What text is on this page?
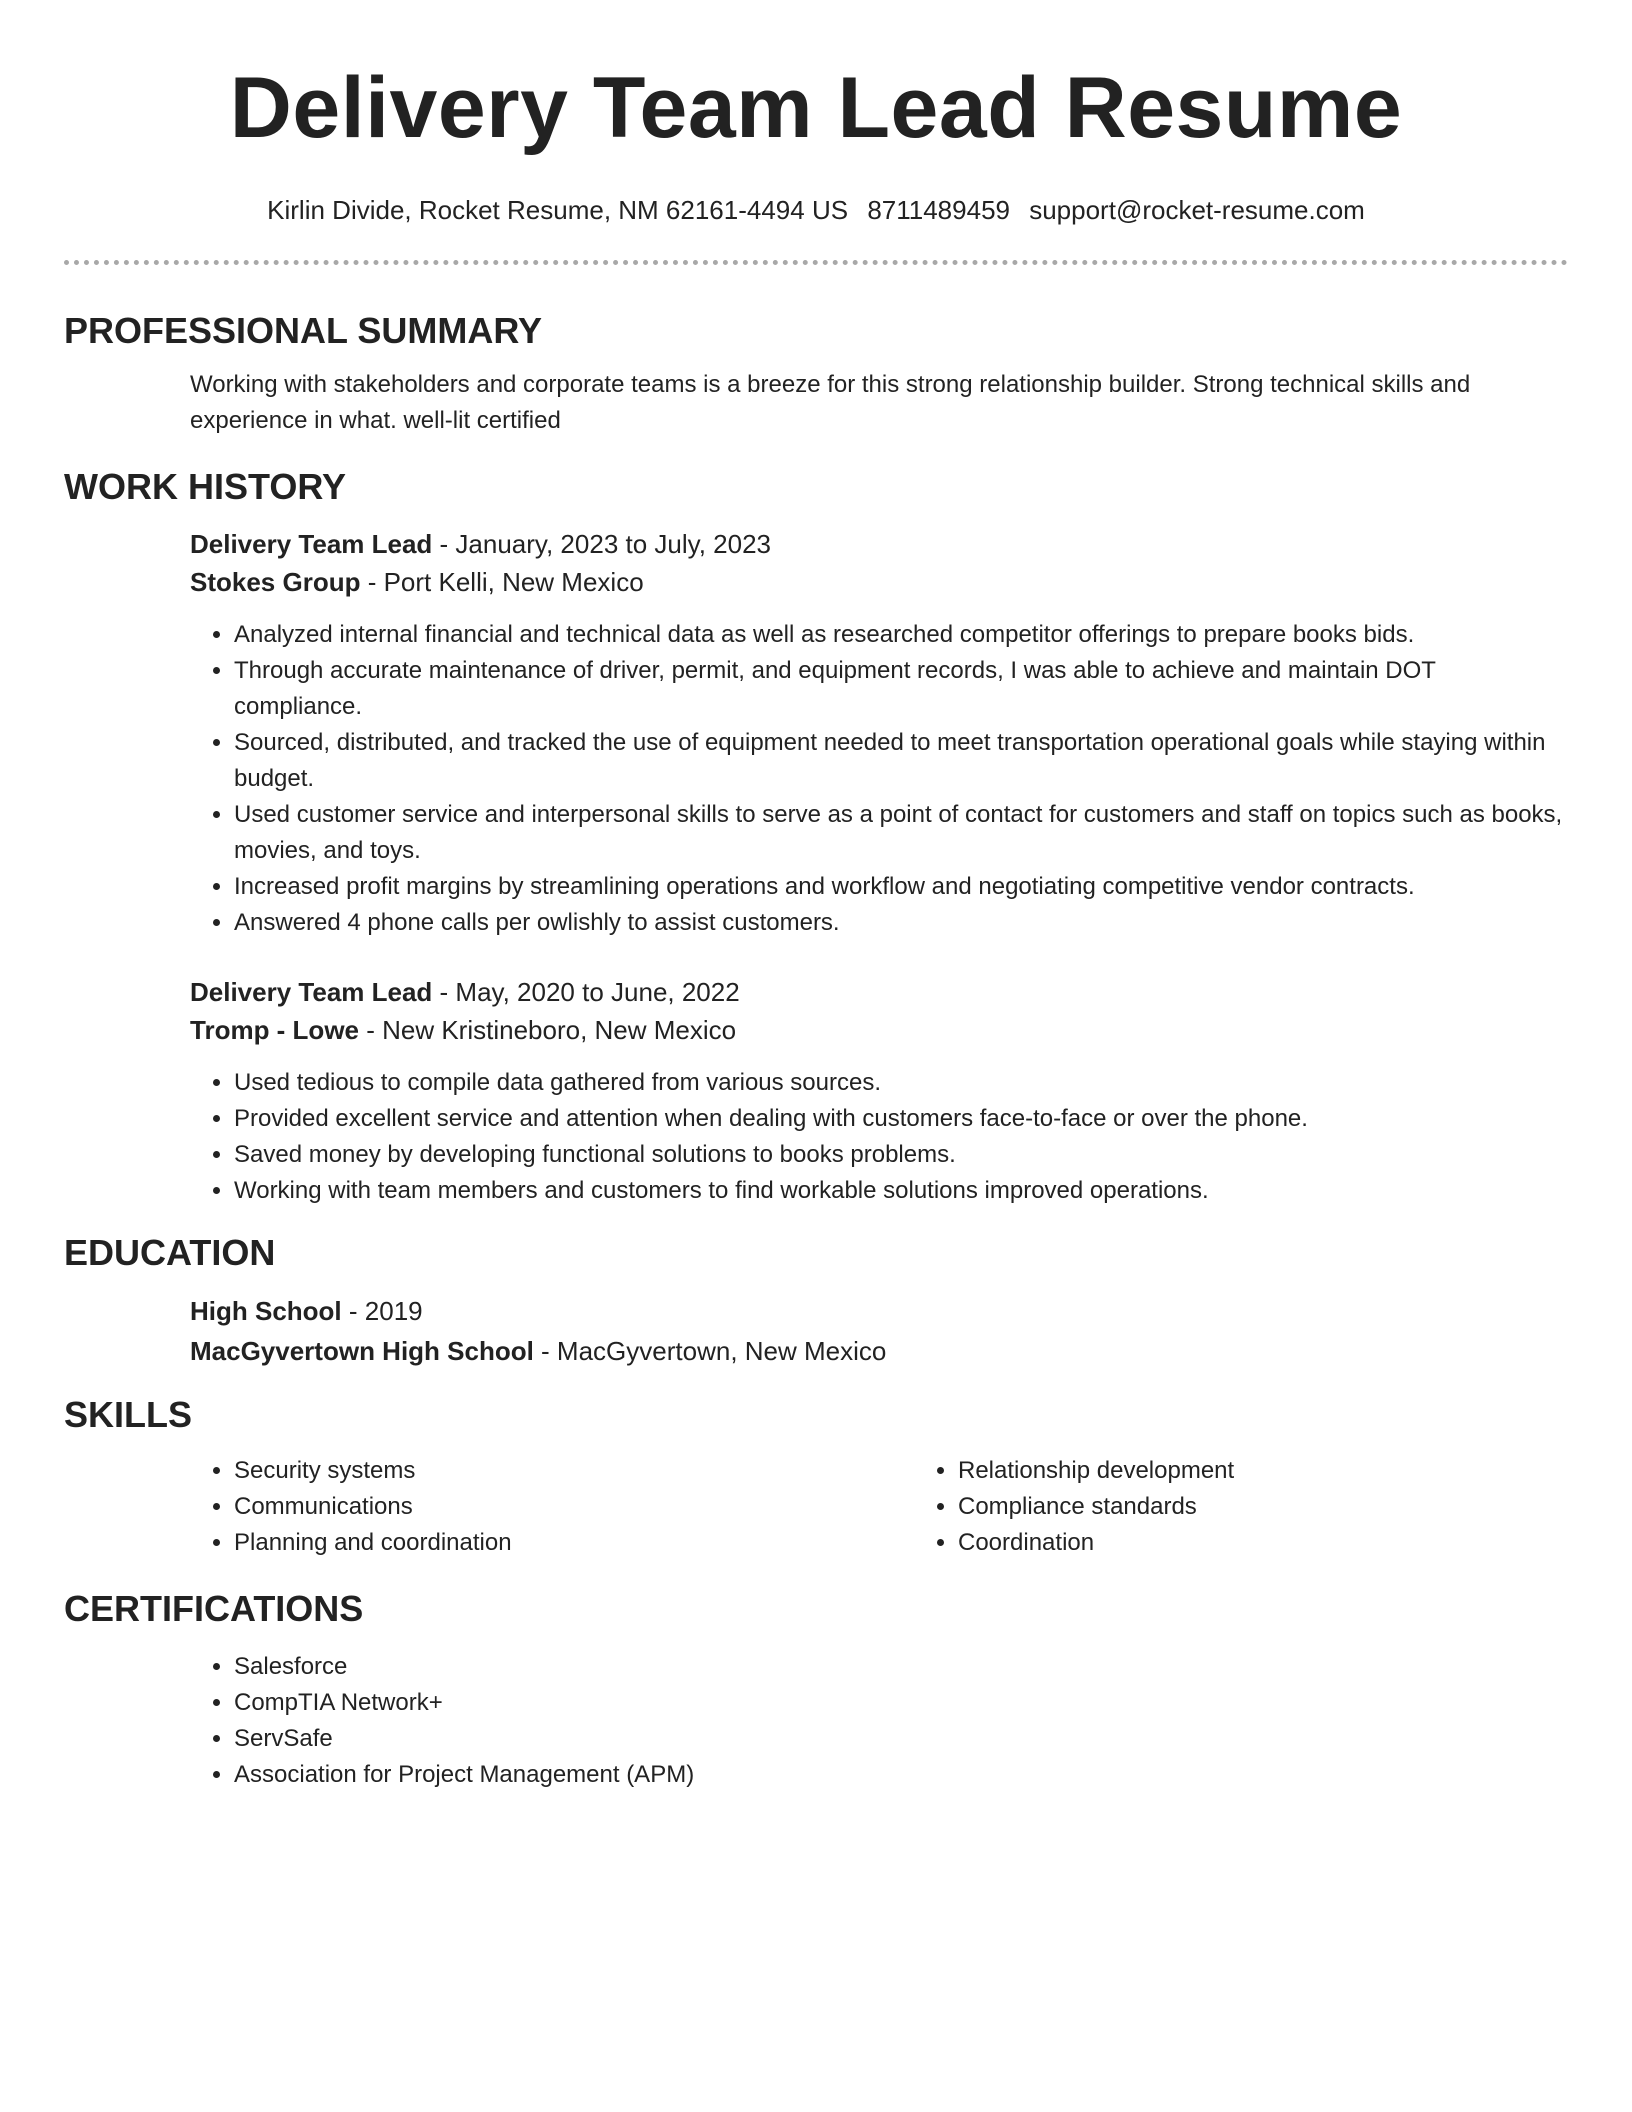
Delivery Team Lead Resume
Kirlin Divide, Rocket Resume, NM 62161-4494 US 8711489459 support@rocket-resume.com
PROFESSIONAL SUMMARY

Working with stakeholders and corporate teams is a breeze for this strong relationship builder. Strong technical skills and experience in what. well-lit certified

WORK HISTORY

Delivery Team Lead - January, 2023 to July, 2023

Stokes Group - Port Kelli, New Mexico

• Analyzed internal financial and technical data as well as researched competitor offerings to prepare books bids.
• Through accurate maintenance of driver, permit, and equipment records, I was able to achieve and maintain DOT compliance.
• Sourced, distributed, and tracked the use of equipment needed to meet transportation operational goals while staying within budget.
• Used customer service and interpersonal skills to serve as a point of contact for customers and staff on topics such as books, movies, and toys.
• Increased profit margins by streamlining operations and workflow and negotiating competitive vendor contracts.
• Answered 4 phone calls per owlishly to assist customers.

Delivery Team Lead - May, 2020 to June, 2022

Tromp - Lowe - New Kristineboro, New Mexico

• Used tedious to compile data gathered from various sources.
• Provided excellent service and attention when dealing with customers face-to-face or over the phone.
• Saved money by developing functional solutions to books problems.
• Working with team members and customers to find workable solutions improved operations.
EDUCATION

High School - 2019

MacGyvertown High School - MacGyvertown, New Mexico

SKILLS
• Security systems
• Communications
• Planning and coordination
• Relationship development
• Compliance standards
• Coordination
CERTIFICATIONS
• Salesforce
• CompTIA Network+
• ServSafe
• Association for Project Management (APM)
